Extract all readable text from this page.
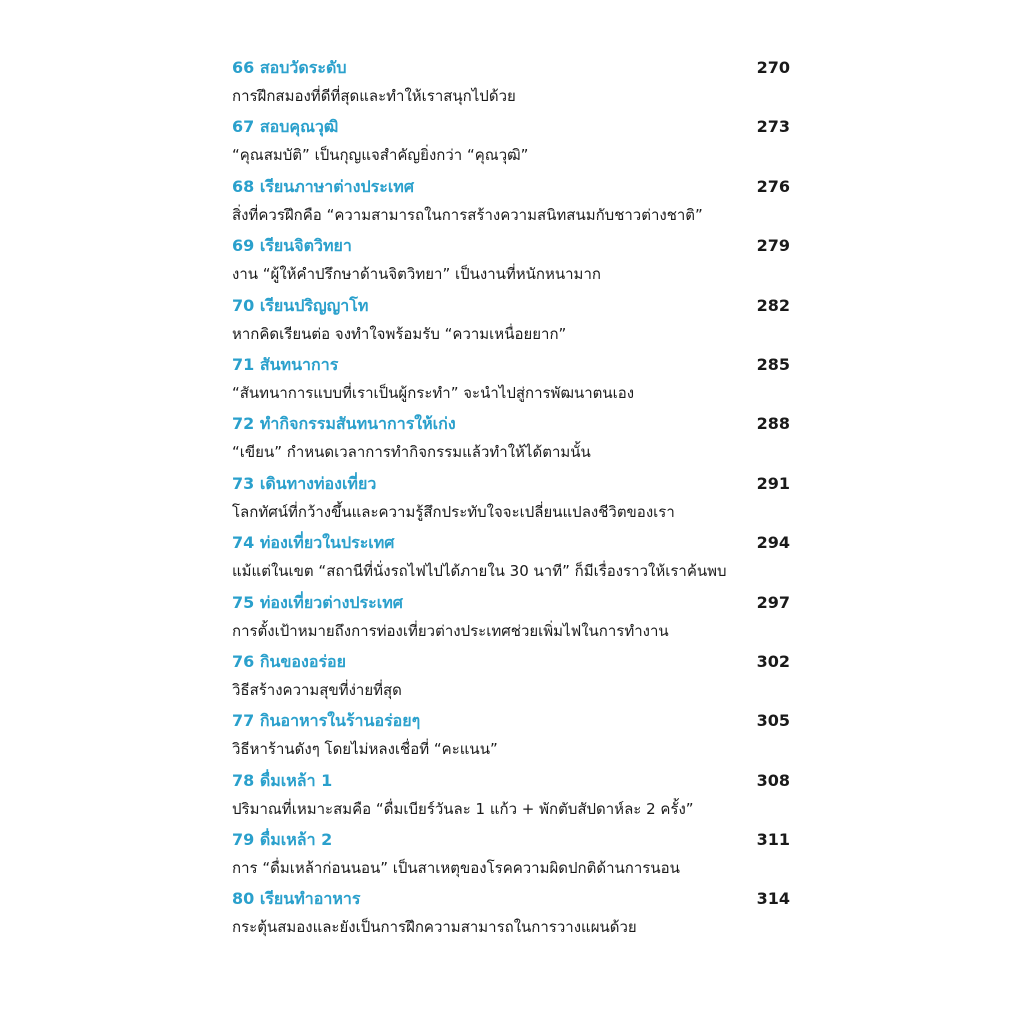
66 สอบวัดระดับ	270
การฝึกสมองที่ดีที่สุดและทำให้เราสนุกไปด้วย
67 สอบคุณวุฒิ	273
“คุณสมบัติ” เป็นกุญแจสำคัญยิ่งกว่า “คุณวุฒิ”
68 เรียนภาษาต่างประเทศ	276
สิ่งที่ควรฝึกคือ “ความสามารถในการสร้างความสนิทสนมกับชาวต่างชาติ”
69 เรียนจิตวิทยา	279
งาน “ผู้ให้คำปรึกษาด้านจิตวิทยา” เป็นงานที่หนักหนามาก
70 เรียนปริญญาโท	282
หากคิดเรียนต่อ จงทำใจพร้อมรับ “ความเหนื่อยยาก”
71 สันทนาการ	285
“สันทนาการแบบที่เราเป็นผู้กระทำ” จะนำไปสู่การพัฒนาตนเอง
72 ทำกิจกรรมสันทนาการให้เก่ง	288
“เขียน” กำหนดเวลาการทำกิจกรรมแล้วทำให้ได้ตามนั้น
73 เดินทางท่องเที่ยว	291
โลกทัศน์ที่กว้างขึ้นและความรู้สึกประทับใจจะเปลี่ยนแปลงชีวิตของเรา
74 ท่องเที่ยวในประเทศ	294
แม้แต่ในเขต “สถานีที่นั่งรถไฟไปได้ภายใน 30 นาที” ก็มีเรื่องราวให้เราค้นพบ
75 ท่องเที่ยวต่างประเทศ	297
การตั้งเป้าหมายถึงการท่องเที่ยวต่างประเทศช่วยเพิ่มไฟในการทำงาน
76 กินของอร่อย	302
วิธีสร้างความสุขที่ง่ายที่สุด
77 กินอาหารในร้านอร่อยๆ	305
วิธีหาร้านดังๆ โดยไม่หลงเชื่อที่ “คะแนน”
78 ดื่มเหล้า 1	308
ปริมาณที่เหมาะสมคือ “ดื่มเบียร์วันละ 1 แก้ว + พักตับสัปดาห์ละ 2 ครั้ง”
79 ดื่มเหล้า 2	311
การ “ดื่มเหล้าก่อนนอน” เป็นสาเหตุของโรคความผิดปกติด้านการนอน
80 เรียนทำอาหาร	314
กระตุ้นสมองและยังเป็นการฝึกความสามารถในการวางแผนด้วย
